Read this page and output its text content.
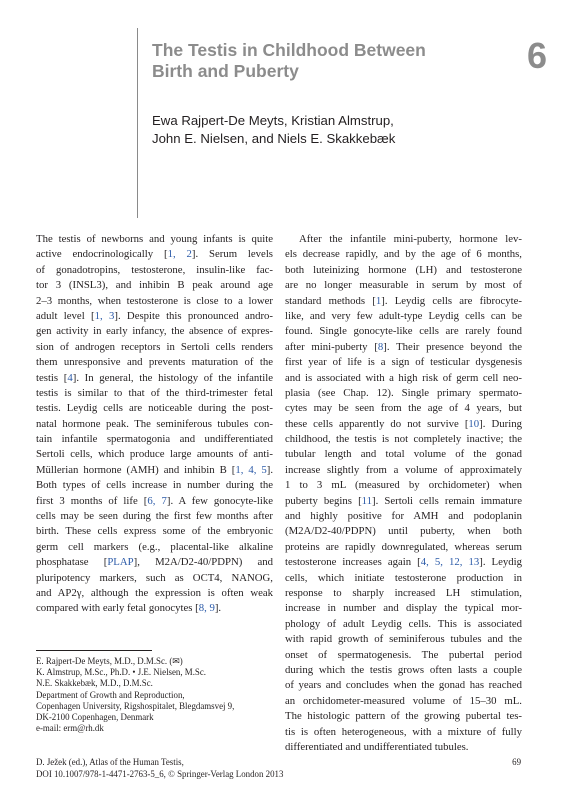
The Testis in Childhood Between
Birth and Puberty	6
Ewa Rajpert-De Meyts, Kristian Almstrup,
John E. Nielsen, and Niels E. Skakkebæk
The testis of newborns and young infants is quite
active endocrinologically [1, 2]. Serum levels
of gonadotropins, testosterone, insulin-like fac-
tor 3 (INSL3), and inhibin B peak around age
2–3 months, when testosterone is close to a lower
adult level [1, 3]. Despite this pronounced andro-
gen activity in early infancy, the absence of expres-
sion of androgen receptors in Sertoli cells renders
them unresponsive and prevents maturation of the
testis [4]. In general, the histology of the infantile
testis is similar to that of the third-trimester fetal
testis. Leydig cells are noticeable during the post-
natal hormone peak. The seminiferous tubules con-
tain infantile spermatogonia and undifferentiated
Sertoli cells, which produce large amounts of anti-
Müllerian hormone (AMH) and inhibin B [1, 4, 5].
Both types of cells increase in number during the
first 3 months of life [6, 7]. A few gonocyte-like
cells may be seen during the first few months after
birth. These cells express some of the embryonic
germ cell markers (e.g., placental-like alkaline
phosphatase [PLAP], M2A/D2-40/PDPN) and
pluripotency markers, such as OCT4, NANOG,
and AP2γ, although the expression is often weak
compared with early fetal gonocytes [8, 9].
After the infantile mini-puberty, hormone lev-
els decrease rapidly, and by the age of 6 months,
both luteinizing hormone (LH) and testosterone
are no longer measurable in serum by most of
standard methods [1]. Leydig cells are fibrocyte-
like, and very few adult-type Leydig cells can be
found. Single gonocyte-like cells are rarely found
after mini-puberty [8]. Their presence beyond the
first year of life is a sign of testicular dysgenesis
and is associated with a high risk of germ cell neo-
plasia (see Chap. 12). Single primary spermato-
cytes may be seen from the age of 4 years, but
these cells apparently do not survive [10]. During
childhood, the testis is not completely inactive; the
tubular length and total volume of the gonad
increase slightly from a volume of approximately
1 to 3 mL (measured by orchidometer) when
puberty begins [11]. Sertoli cells remain immature
and highly positive for AMH and podoplanin
(M2A/D2-40/PDPN) until puberty, when both
proteins are rapidly downregulated, whereas serum
testosterone increases again [4, 5, 12, 13]. Leydig
cells, which initiate testosterone production in
response to sharply increased LH stimulation,
increase in number and display the typical mor-
phology of adult Leydig cells. This is associated
with rapid growth of seminiferous tubules and the
onset of spermatogenesis. The pubertal period
during which the testis grows often lasts a couple
of years and concludes when the gonad has reached
an orchidometer-measured volume of 15–30 mL.
The histologic pattern of the growing pubertal tes-
tis is often heterogeneous, with a mixture of fully
differentiated and undifferentiated tubules.
E. Rajpert-De Meyts, M.D., D.M.Sc. (✉)
K. Almstrup, M.Sc., Ph.D. • J.E. Nielsen, M.Sc.
N.E. Skakkebæk, M.D., D.M.Sc.
Department of Growth and Reproduction,
Copenhagen University, Rigshospitalet, Blegdamsvej 9,
DK-2100 Copenhagen, Denmark
e-mail: erm@rh.dk
D. Ježek (ed.), Atlas of the Human Testis,
DOI 10.1007/978-1-4471-2763-5_6, © Springer-Verlag London 2013
69
